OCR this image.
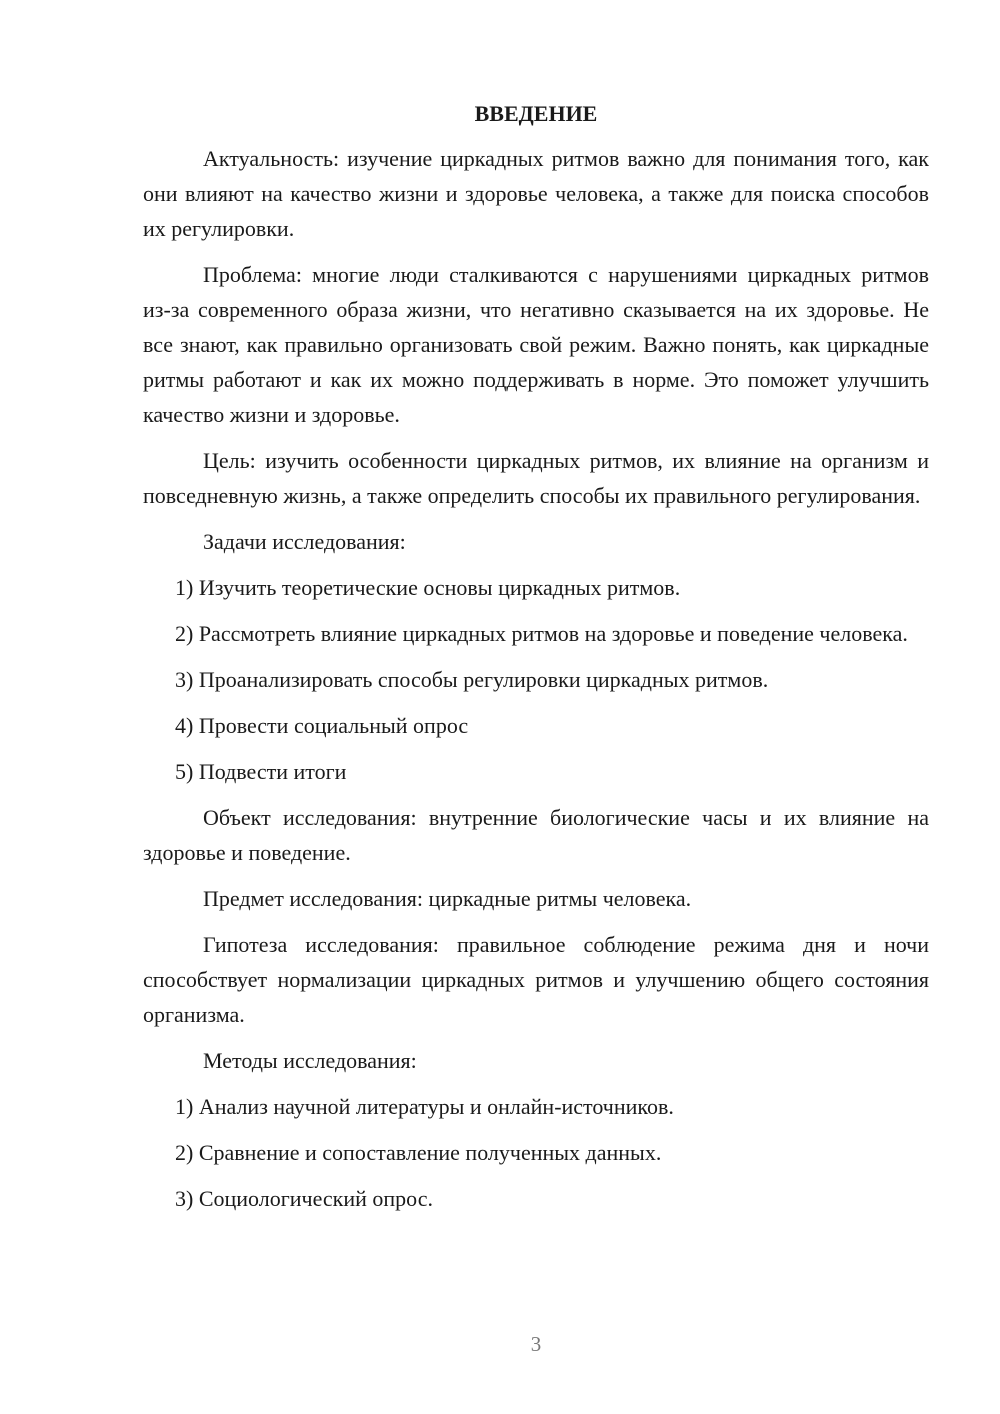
ВВЕДЕНИЕ

Актуальность: изучение циркадных ритмов важно для понимания того, как они влияют на качество жизни и здоровье человека, а также для поиска способов их регулировки.

Проблема: многие люди сталкиваются с нарушениями циркадных ритмов из-за современного образа жизни, что негативно сказывается на их здоровье. Не все знают, как правильно организовать свой режим. Важно понять, как циркадные ритмы работают и как их можно поддерживать в норме. Это поможет улучшить качество жизни и здоровье.

Цель: изучить особенности циркадных ритмов, их влияние на организм и повседневную жизнь, а также определить способы их правильного регулирования.

Задачи исследования:

1) Изучить теоретические основы циркадных ритмов.

2) Рассмотреть влияние циркадных ритмов на здоровье и поведение человека.

3) Проанализировать способы регулировки циркадных ритмов.

4) Провести социальный опрос

5) Подвести итоги

Объект исследования: внутренние биологические часы и их влияние на здоровье и поведение.

Предмет исследования: циркадные ритмы человека.

Гипотеза исследования: правильное соблюдение режима дня и ночи способствует нормализации циркадных ритмов и улучшению общего состояния организма.

Методы исследования:

1) Анализ научной литературы и онлайн-источников.

2) Сравнение и сопоставление полученных данных.

3) Социологический опрос.

3
